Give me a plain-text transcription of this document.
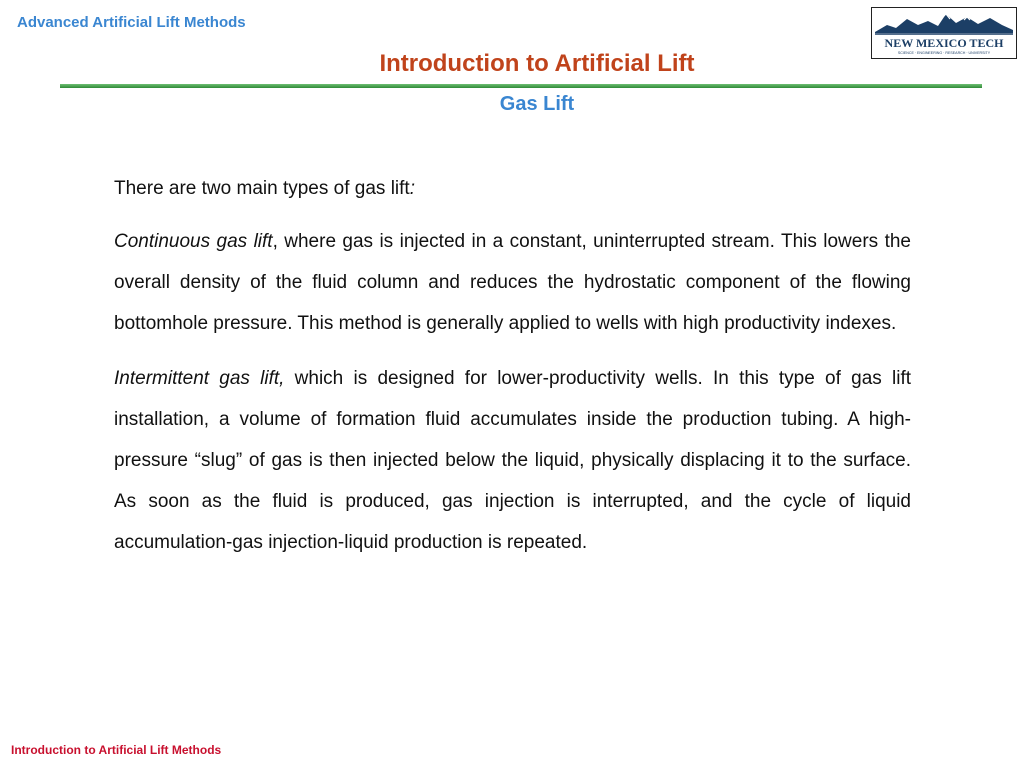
Advanced Artificial Lift Methods
NEW MEXICO TECH
SCIENCE · ENGINEERING · RESEARCH · UNIVERSITY
Introduction to Artificial Lift
Gas Lift

There are two main types of gas lift:

Continuous gas lift, where gas is injected in a constant, uninterrupted stream. This lowers the overall density of the fluid column and reduces the hydrostatic component of the flowing bottomhole pressure. This method is generally applied to wells with high productivity indexes.

Intermittent gas lift, which is designed for lower-productivity wells. In this type of gas lift installation, a volume of formation fluid accumulates inside the production tubing. A high-pressure “slug” of gas is then injected below the liquid, physically displacing it to the surface. As soon as the fluid is produced, gas injection is interrupted, and the cycle of liquid accumulation-gas injection-liquid production is repeated.

Introduction to Artificial Lift Methods
